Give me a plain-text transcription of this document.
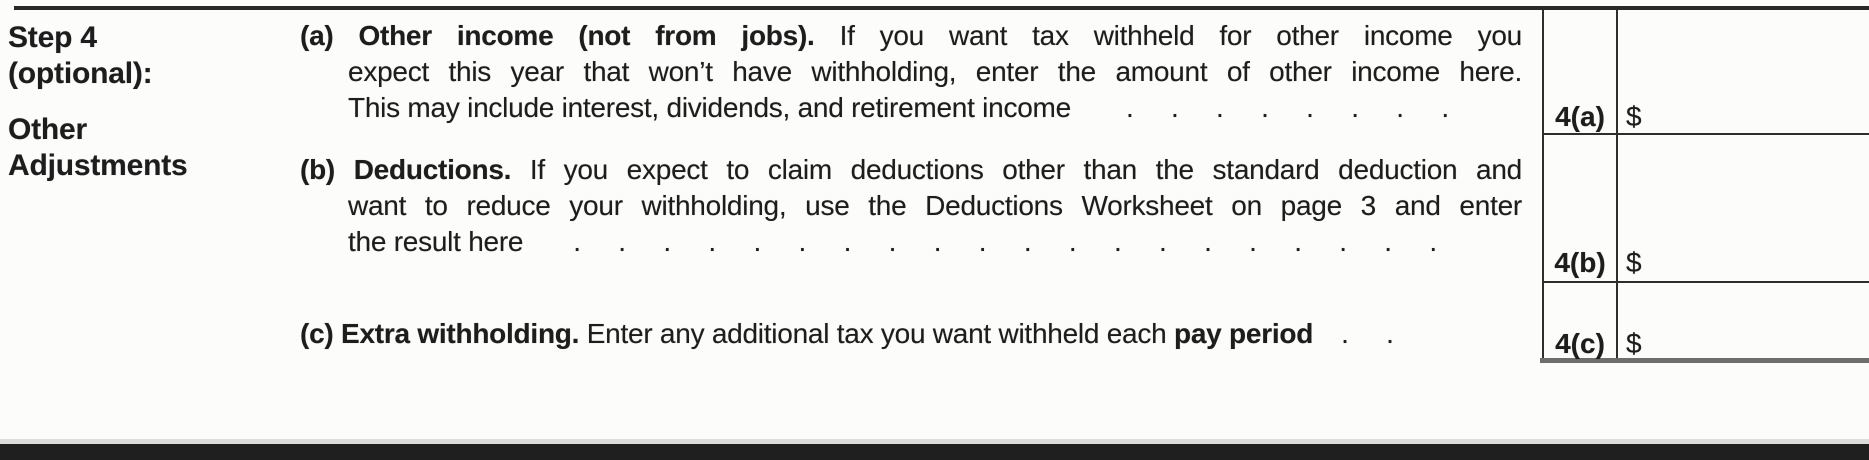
Step 4
(optional):
Other
Adjustments
(a) Other income (not from jobs). If you want tax withheld for other income you
expect this year that won’t have withholding, enter the amount of other income here.
This may include interest, dividends, and retirement income . . . . . . . .
(b) Deductions. If you expect to claim deductions other than the standard deduction and
want to reduce your withholding, use the Deductions Worksheet on page 3 and enter
the result here . . . . . . . . . . . . . . . . . . . .
(c) Extra withholding. Enter any additional tax you want withheld each pay period . .
4(a) $
4(b) $
4(c) $
